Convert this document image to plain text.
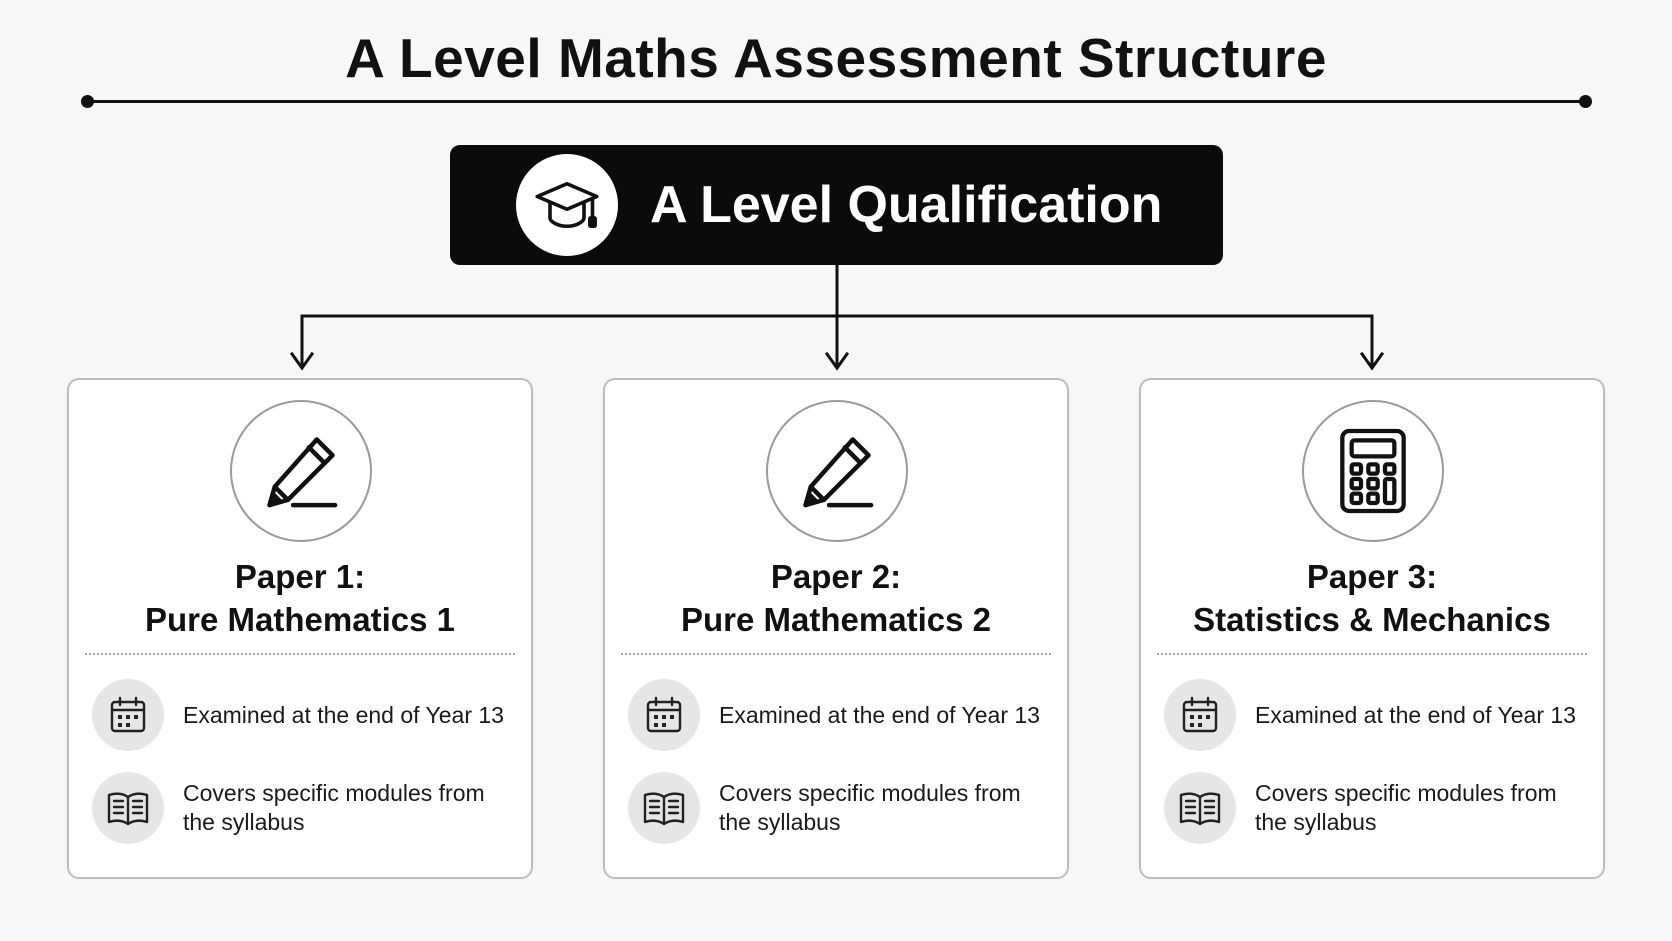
A Level Maths Assessment Structure
A Level Qualification
Paper 1:
Pure Mathematics 1
Examined at the end of Year 13
Covers specific modules from the syllabus
Paper 2:
Pure Mathematics 2
Examined at the end of Year 13
Covers specific modules from the syllabus
Paper 3:
Statistics & Mechanics
Examined at the end of Year 13
Covers specific modules from the syllabus
